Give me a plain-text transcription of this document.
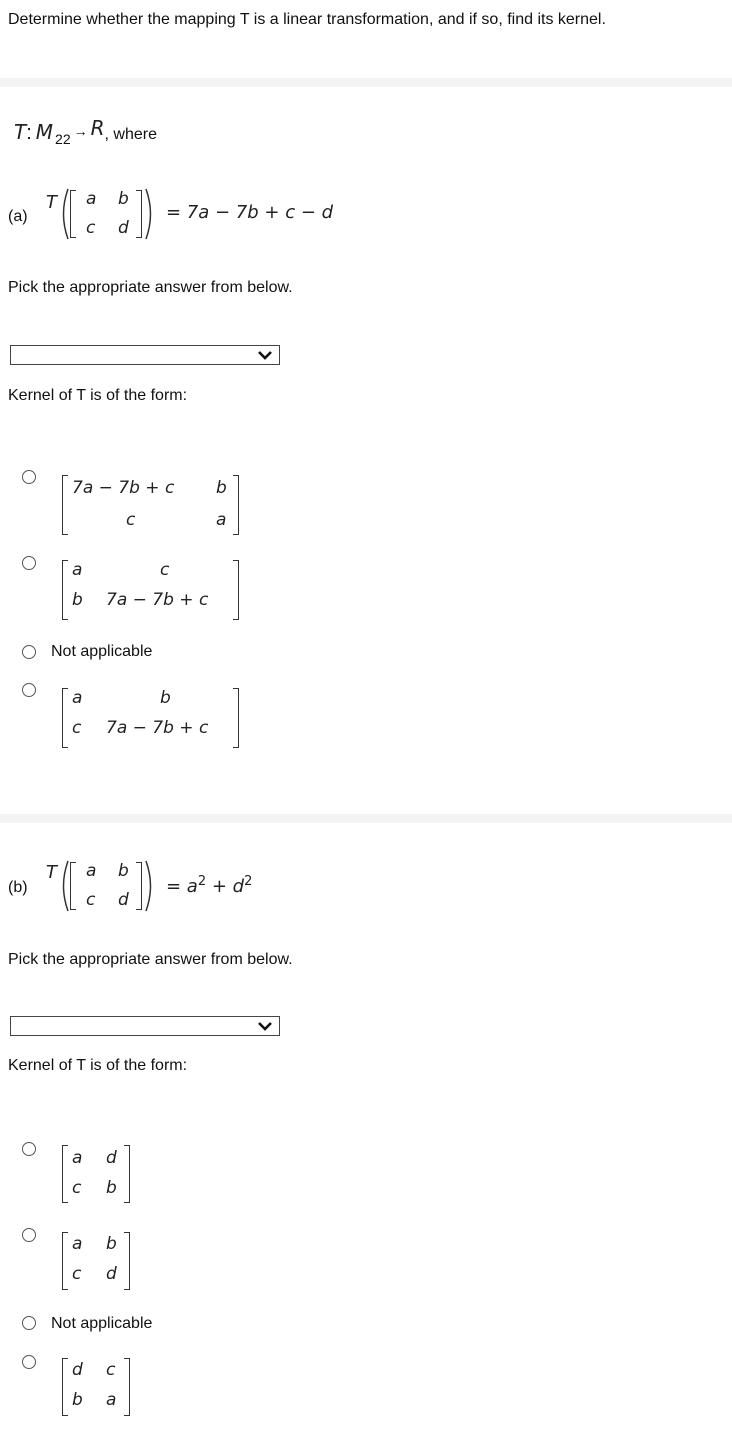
Determine whether the mapping T is a linear transformation, and if so, find its kernel.
T: M 22 → R, where
(a)
T a b
c d
= 7a − 7b + c − d
Pick the appropriate answer from below.
Kernel of T is of the form:
7a − 7b + c b
c	a
a	c
b 7a − 7b + c
Not applicable
a	b
c 7a − 7b + c
(b)
T a b
c d
= $a^2 + d^2$
Pick the appropriate answer from below.
Kernel of T is of the form:
a d
c b
a b
c d
Not applicable
d c
b a
